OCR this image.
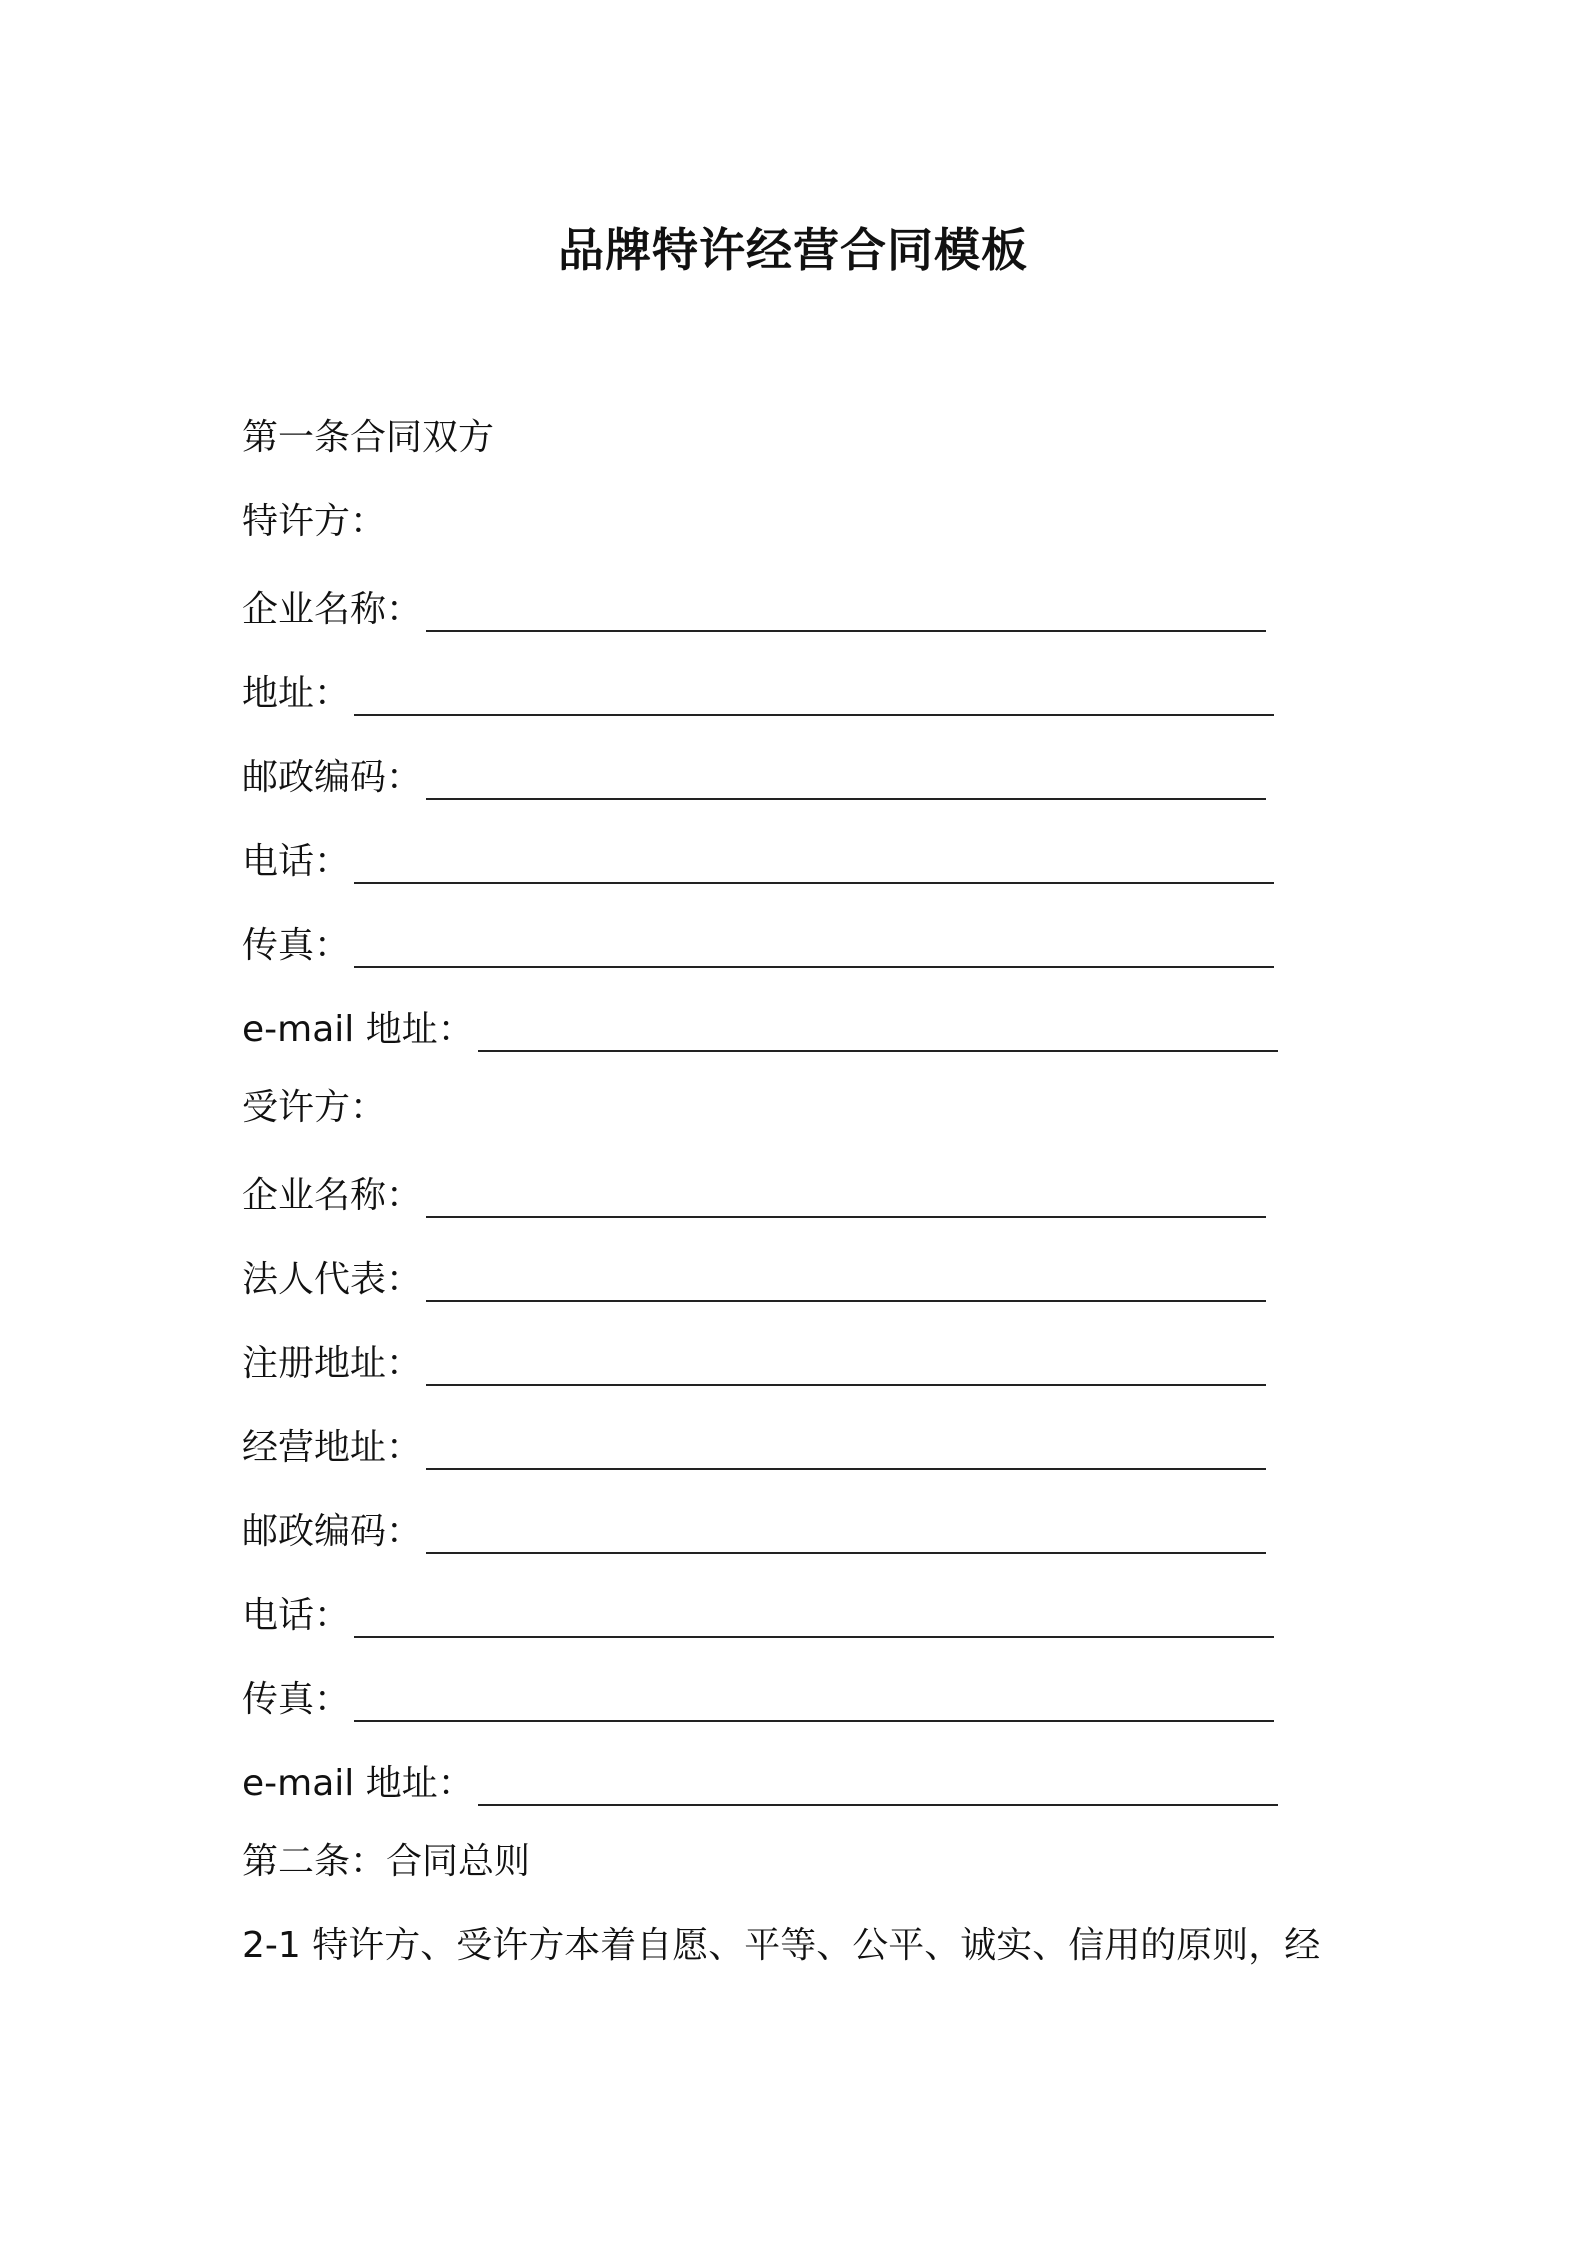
品牌特许经营合同模板
第一条合同双方
特许方：
企业名称：
地址：
邮政编码：
电话：
传真：
e-mail 地址：
受许方：
企业名称：
法人代表：
注册地址：
经营地址：
邮政编码：
电话：
传真：
e-mail 地址：
第二条：合同总则
2-1 特许方、受许方本着自愿、平等、公平、诚实、信用的原则，经
